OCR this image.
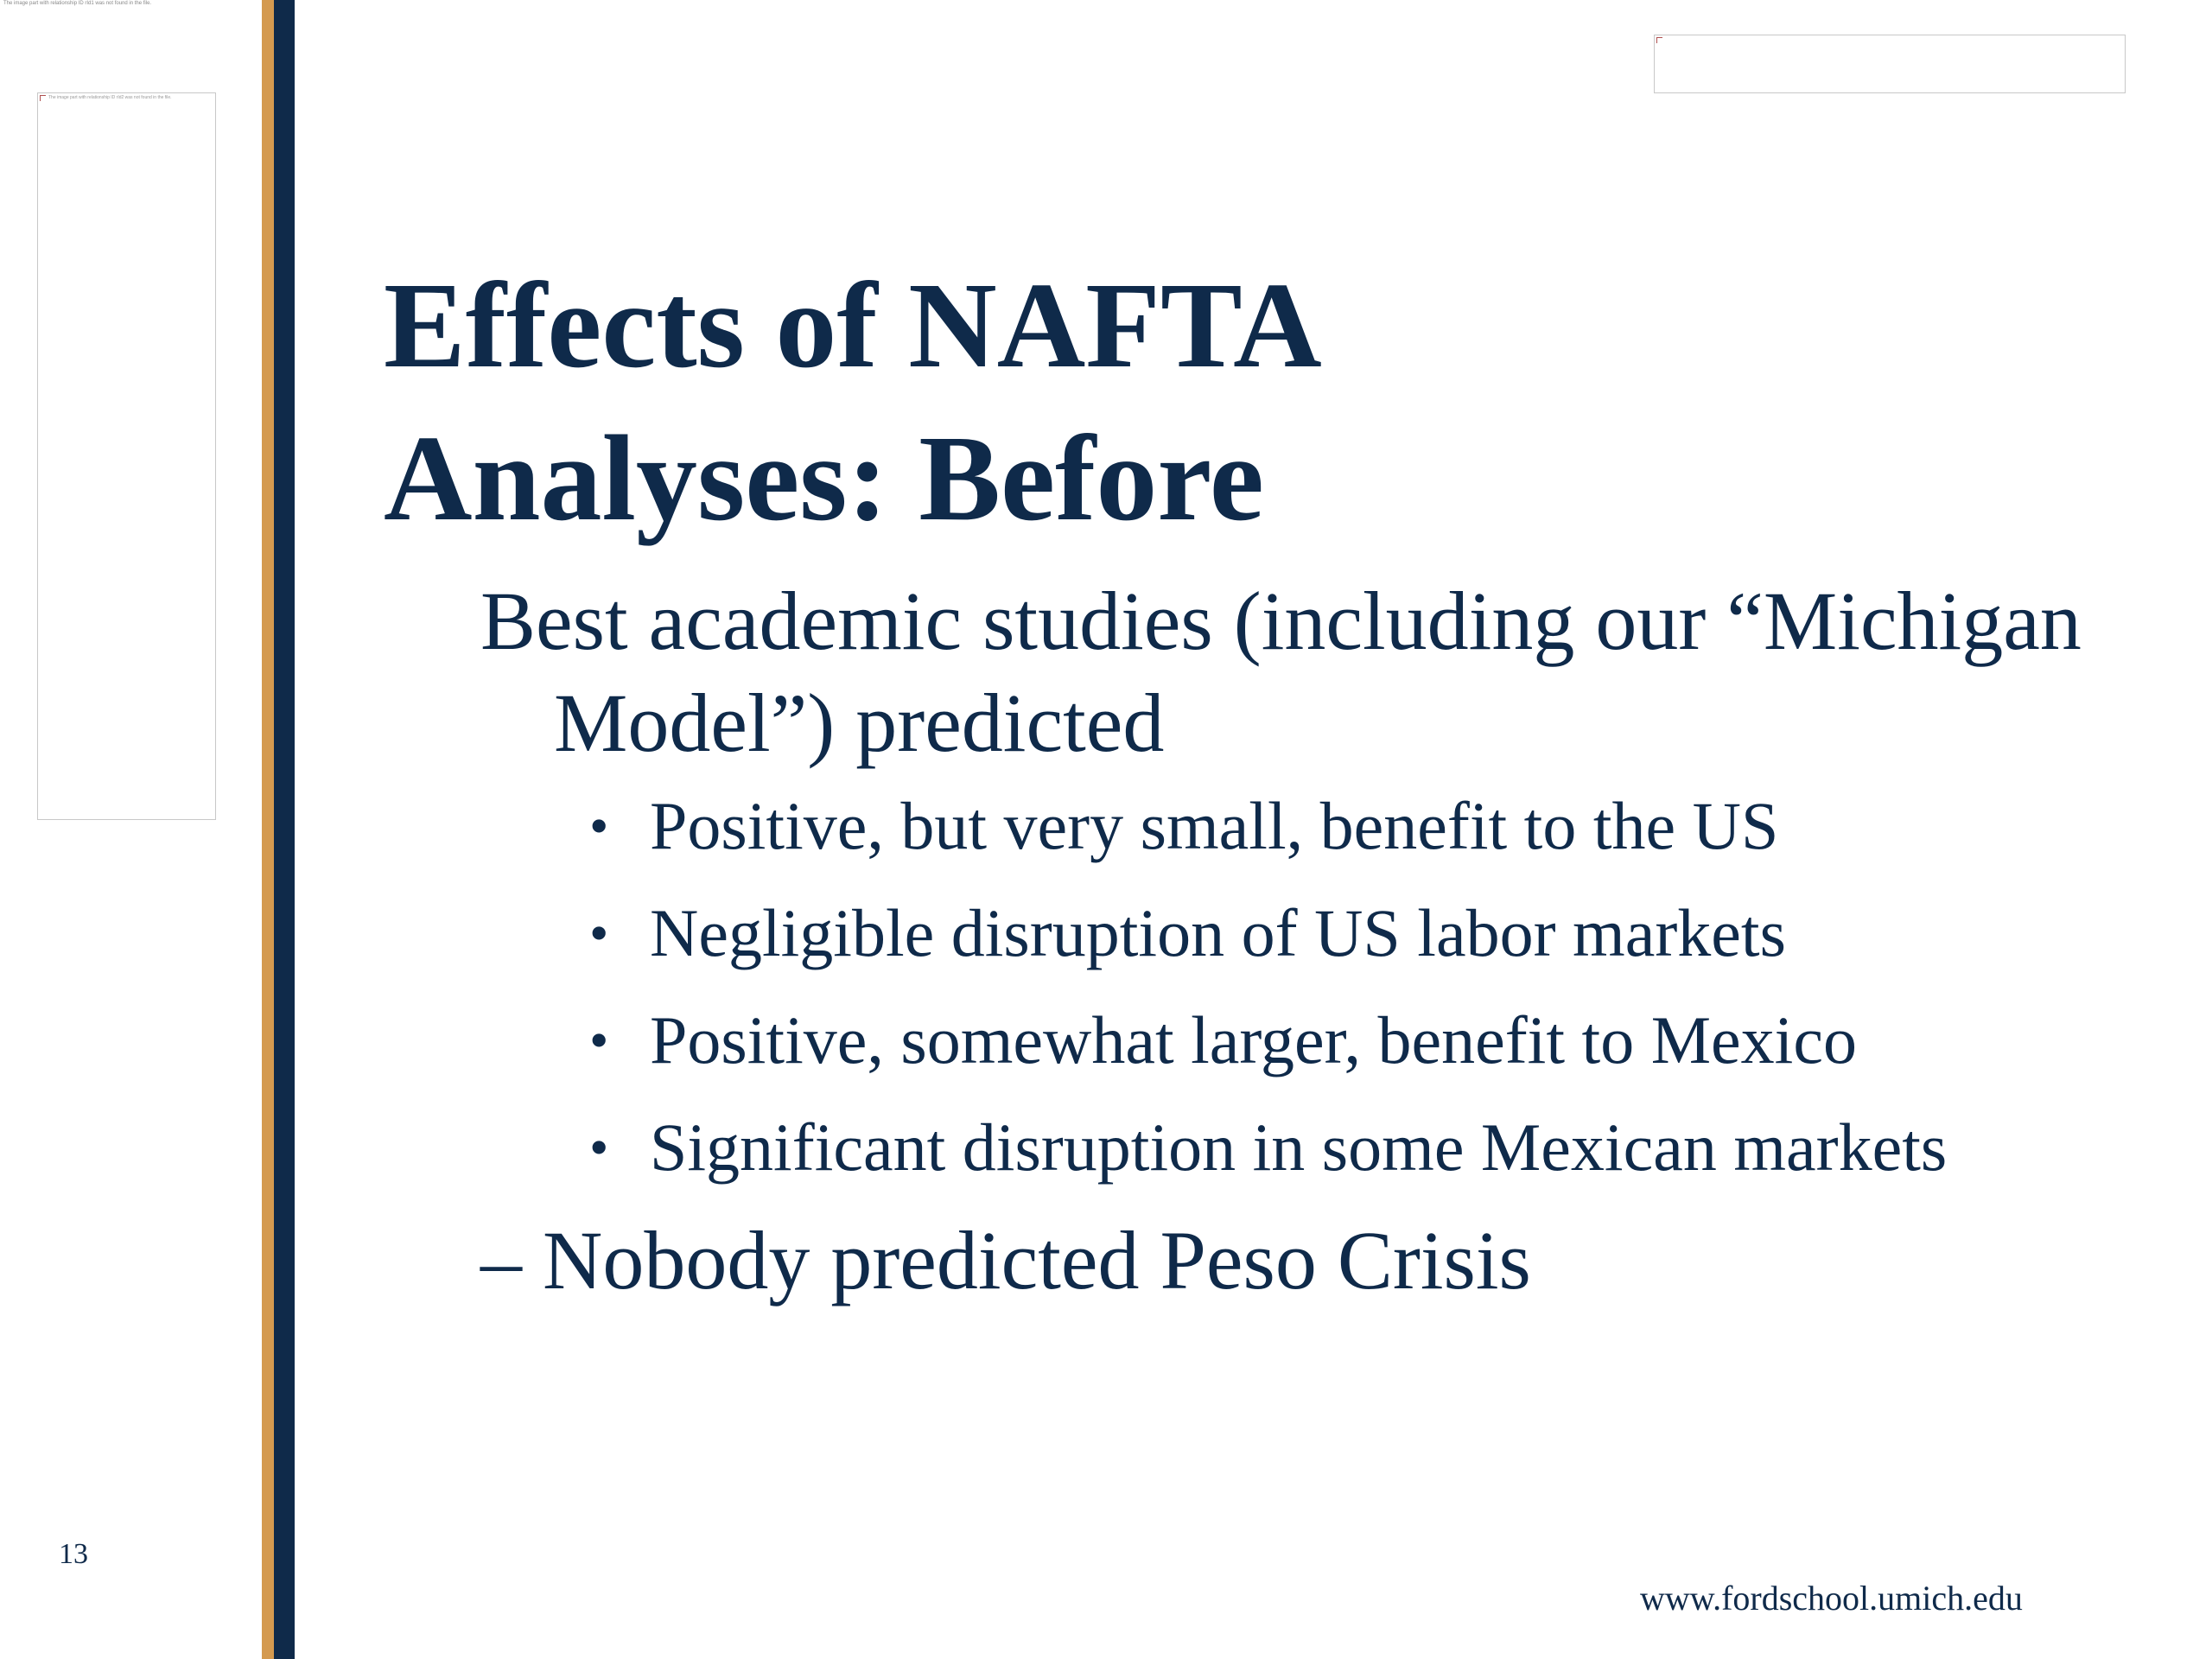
The image part with relationship ID rId1 was not found in the file.
The image part with relationship ID rId2 was not found in the file.
Effects of NAFTA
Analyses: Before

Best academic studies (including our “Michigan Model”) predicted

• Positive, but very small, benefit to the US
• Negligible disruption of US labor markets
• Positive, somewhat larger, benefit to Mexico
• Significant disruption in some Mexican markets

– Nobody predicted Peso Crisis

13
www.fordschool.umich.edu
